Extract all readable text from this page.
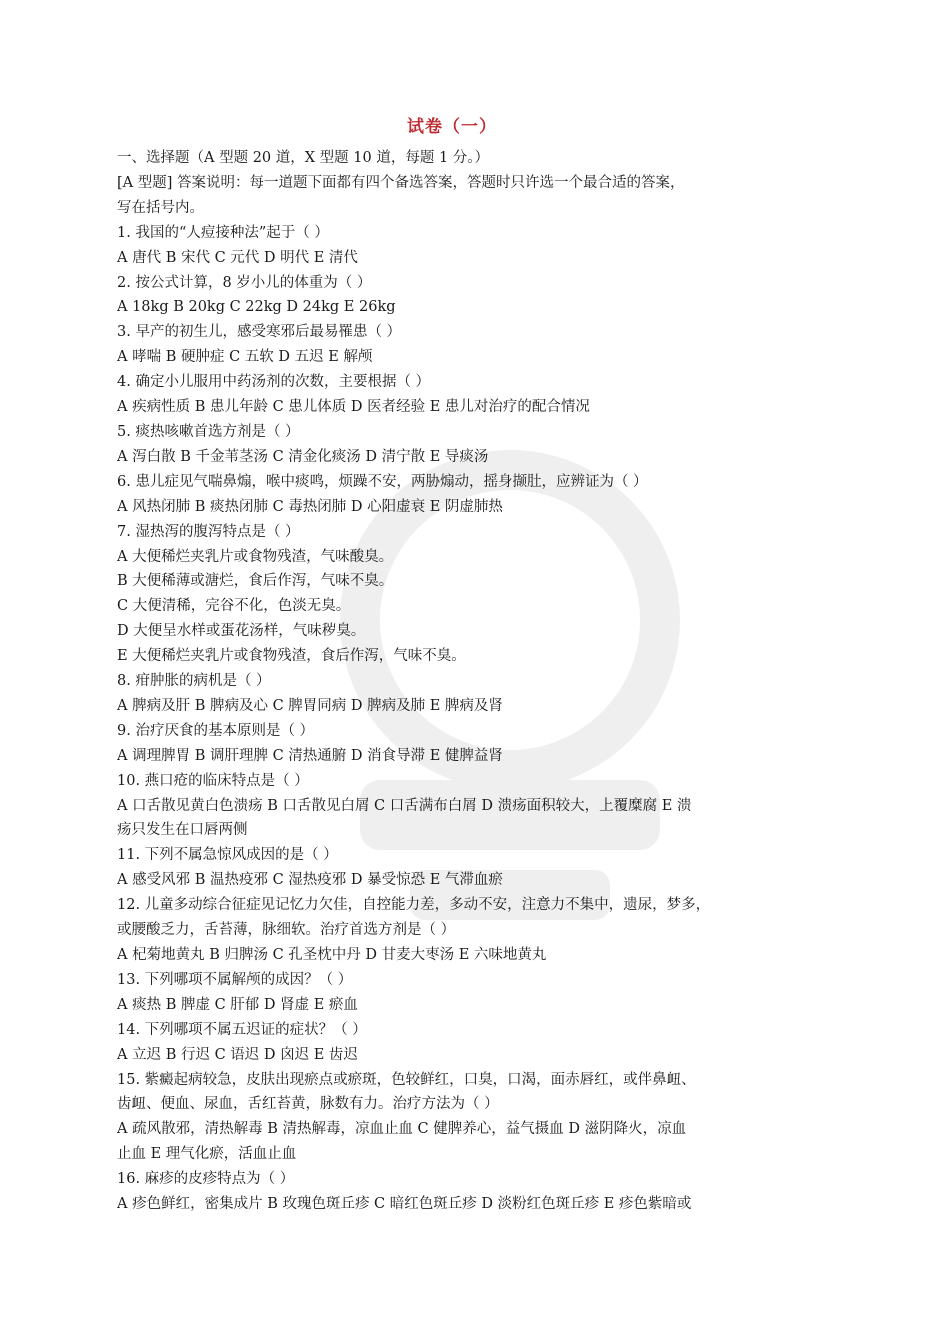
试卷（一）
一、选择题（A 型题 20 道，X 型题 10 道，每题 1 分。）
[A 型题] 答案说明：每一道题下面都有四个备选答案，答题时只许选一个最合适的答案，
写在括号内。
1. 我国的“人痘接种法”起于（ ）
A 唐代 B 宋代 C 元代 D 明代 E 清代
2. 按公式计算，8 岁小儿的体重为（ ）
A 18kg B 20kg C 22kg D 24kg E 26kg
3. 早产的初生儿，感受寒邪后最易罹患（ ）
A 哮喘 B 硬肿症 C 五软 D 五迟 E 解颅
4. 确定小儿服用中药汤剂的次数，主要根据（ ）
A 疾病性质 B 患儿年龄 C 患儿体质 D 医者经验 E 患儿对治疗的配合情况
5. 痰热咳嗽首选方剂是（ ）
A 泻白散 B 千金苇茎汤 C 清金化痰汤 D 清宁散 E 导痰汤
6. 患儿症见气喘鼻煽，喉中痰鸣，烦躁不安，两胁煽动，摇身撷肚，应辨证为（ ）
A 风热闭肺 B 痰热闭肺 C 毒热闭肺 D 心阳虚衰 E 阴虚肺热
7. 湿热泻的腹泻特点是（ ）
A 大便稀烂夹乳片或食物残渣，气味酸臭。
B 大便稀薄或溏烂，食后作泻，气味不臭。
C 大便清稀，完谷不化，色淡无臭。
D 大便呈水样或蛋花汤样，气味秽臭。
E 大便稀烂夹乳片或食物残渣，食后作泻，气味不臭。
8. 疳肿胀的病机是（ ）
A 脾病及肝 B 脾病及心 C 脾胃同病 D 脾病及肺 E 脾病及肾
9. 治疗厌食的基本原则是（ ）
A 调理脾胃 B 调肝理脾 C 清热通腑 D 消食导滞 E 健脾益肾
10. 燕口疮的临床特点是（ ）
A 口舌散见黄白色溃疡 B 口舌散见白屑 C 口舌满布白屑 D 溃疡面积较大，上覆糜腐 E 溃
疡只发生在口唇两侧
11. 下列不属急惊风成因的是（ ）
A 感受风邪 B 温热疫邪 C 湿热疫邪 D 暴受惊恐 E 气滞血瘀
12. 儿童多动综合征症见记忆力欠佳，自控能力差，多动不安，注意力不集中，遗尿，梦多，
或腰酸乏力，舌苔薄，脉细软。治疗首选方剂是（ ）
A 杞菊地黄丸 B 归脾汤 C 孔圣枕中丹 D 甘麦大枣汤 E 六味地黄丸
13. 下列哪项不属解颅的成因？（ ）
A 痰热 B 脾虚 C 肝郁 D 肾虚 E 瘀血
14. 下列哪项不属五迟证的症状？（ ）
A 立迟 B 行迟 C 语迟 D 囟迟 E 齿迟
15. 紫癜起病较急，皮肤出现瘀点或瘀斑，色较鲜红，口臭，口渴，面赤唇红，或伴鼻衄、
齿衄、便血、尿血，舌红苔黄，脉数有力。治疗方法为（ ）
A 疏风散邪，清热解毒 B 清热解毒，凉血止血 C 健脾养心，益气摄血 D 滋阴降火，凉血
止血 E 理气化瘀，活血止血
16. 麻疹的皮疹特点为（ ）
A 疹色鲜红，密集成片 B 玫瑰色斑丘疹 C 暗红色斑丘疹 D 淡粉红色斑丘疹 E 疹色紫暗或
